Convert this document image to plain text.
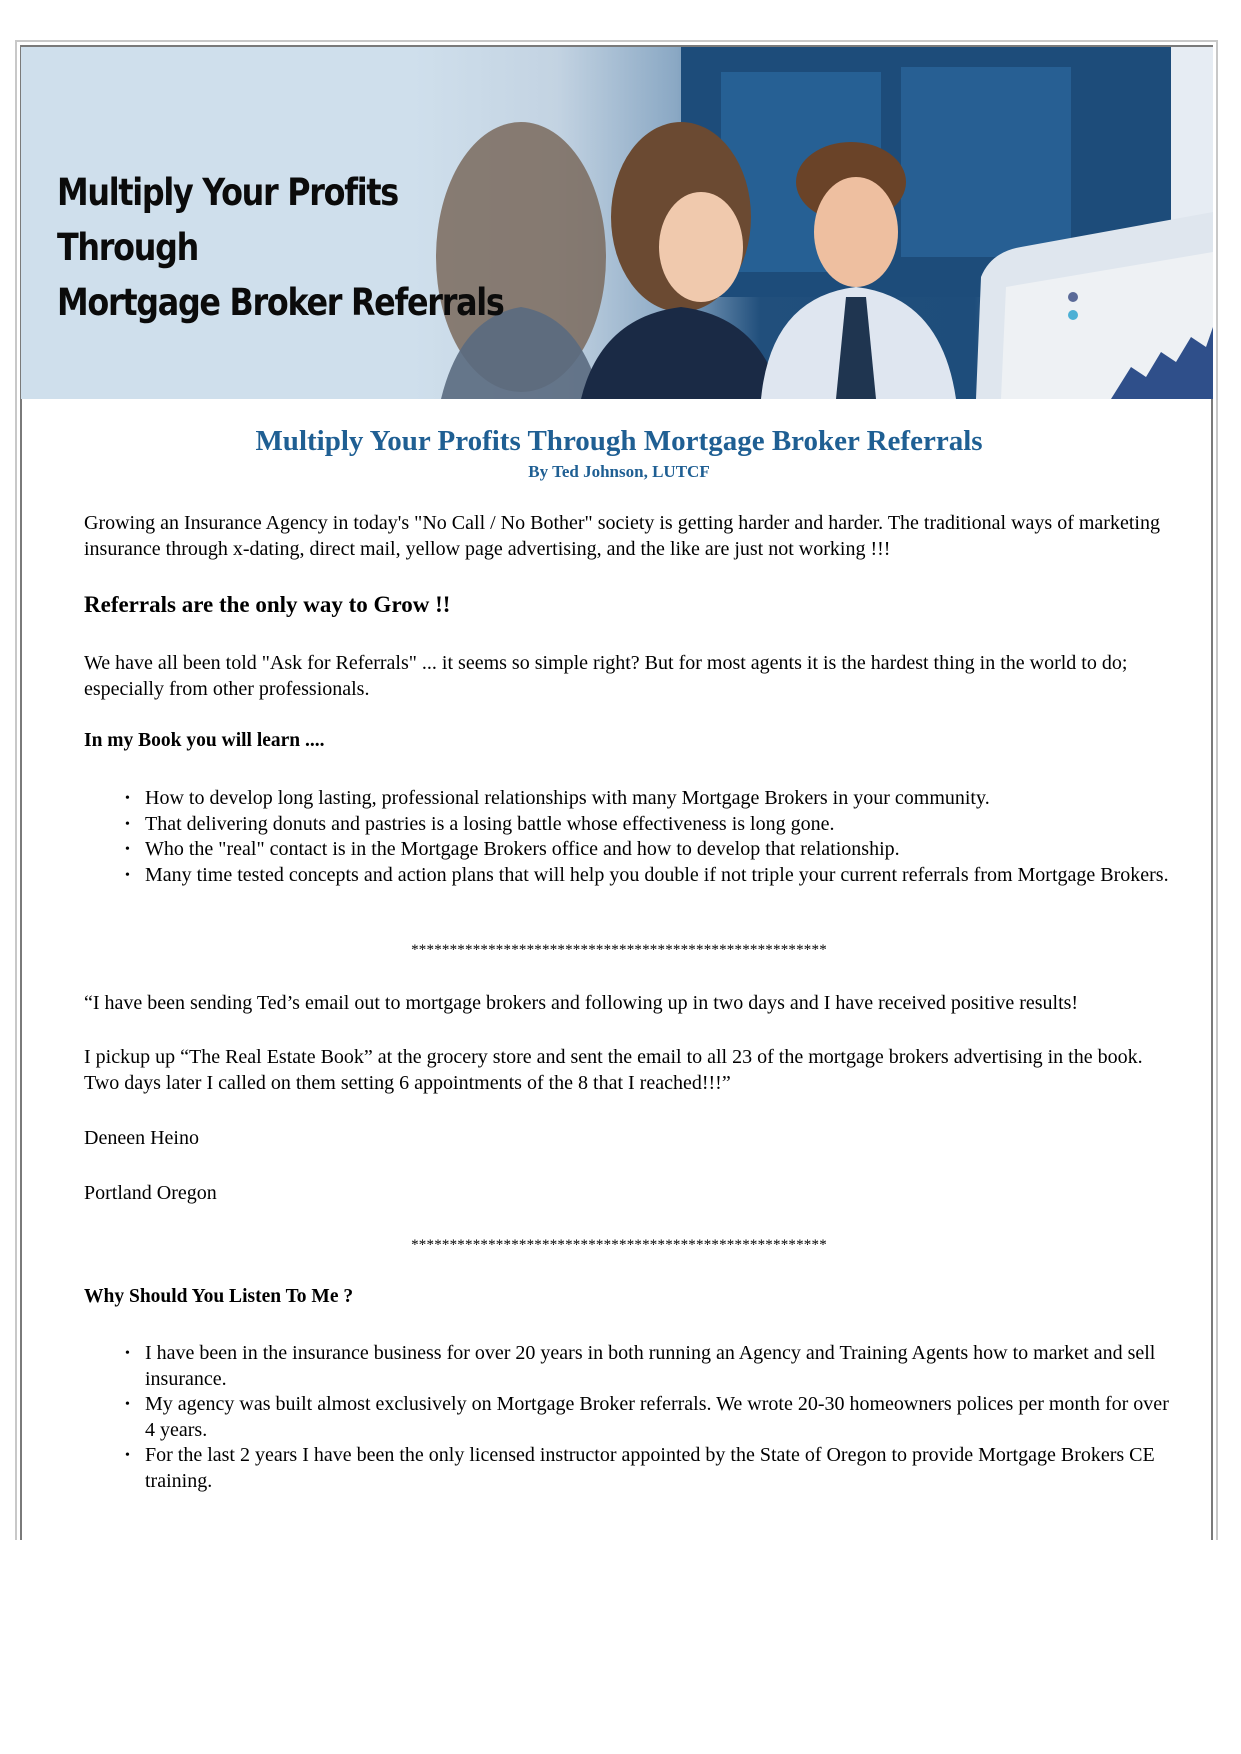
Multiply Your Profits
Through
Mortgage Broker Referrals
Multiply Your Profits Through Mortgage Broker Referrals
By Ted Johnson, LUTCF
Growing an Insurance Agency in today's "No Call / No Bother" society is getting harder and harder. The traditional ways of marketing insurance through x-dating, direct mail, yellow page advertising, and the like are just not working !!!
Referrals are the only way to Grow !!
We have all been told "Ask for Referrals" ... it seems so simple right? But for most agents it is the hardest thing in the world to do; especially from other professionals.
In my Book you will learn ....
• How to develop long lasting, professional relationships with many Mortgage Brokers in your community.
• That delivering donuts and pastries is a losing battle whose effectiveness is long gone.
• Who the "real" contact is in the Mortgage Brokers office and how to develop that relationship.
• Many time tested concepts and action plans that will help you double if not triple your current referrals from Mortgage Brokers.
******************************************************
“I have been sending Ted’s email out to mortgage brokers and following up in two days and I have received positive results!
I pickup up “The Real Estate Book” at the grocery store and sent the email to all 23 of the mortgage brokers advertising in the book. Two days later I called on them setting 6 appointments of the 8 that I reached!!!”
Deneen Heino
Portland Oregon
******************************************************
Why Should You Listen To Me ?
• I have been in the insurance business for over 20 years in both running an Agency and Training Agents how to market and sell insurance.
• My agency was built almost exclusively on Mortgage Broker referrals. We wrote 20-30 homeowners polices per month for over 4 years.
• For the last 2 years I have been the only licensed instructor appointed by the State of Oregon to provide Mortgage Brokers CE training.
